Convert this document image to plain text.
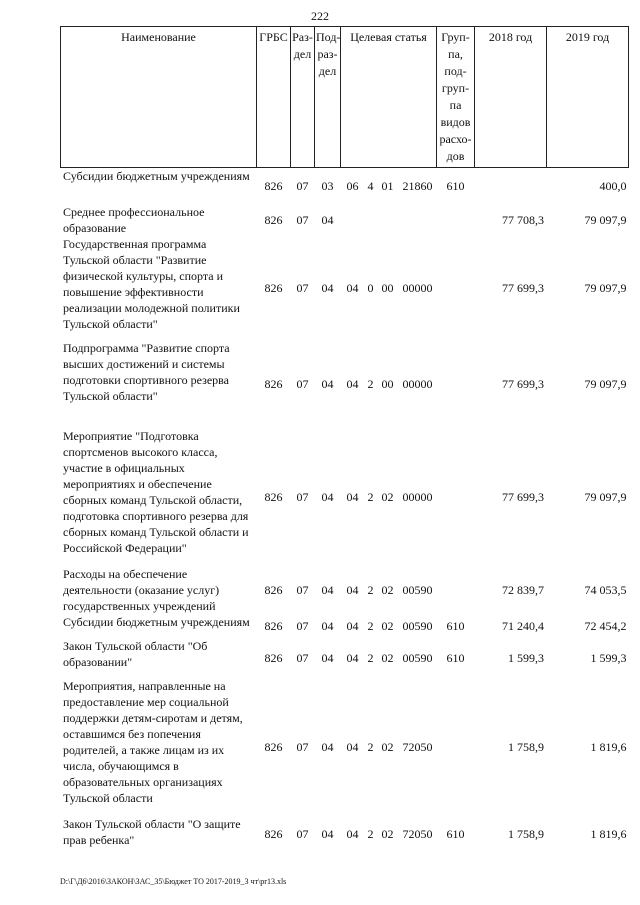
222
Наименование	ГРБС	Раз-дел	Под-раз-дел	Целевая статья				Груп-па, под-груп-па видов расхо-дов	2018 год	2019 год
Субсидии бюджетным учреждениям	826	07	03	06	4	01	21860	610		400,0
Среднее профессиональное образование	826	07	04						77 708,3	79 097,9
Государственная программа Тульской области "Развитие физической культуры, спорта и повышение эффективности реализации молодежной политики Тульской области"	826	07	04	04	0	00	00000		77 699,3	79 097,9
Подпрограмма "Развитие спорта высших достижений и системы подготовки спортивного резерва Тульской области"	826	07	04	04	2	00	00000		77 699,3	79 097,9
Мероприятие "Подготовка спортсменов высокого класса, участие в официальных мероприятиях и обеспечение сборных команд Тульской области, подготовка спортивного резерва для сборных команд Тульской области и Российской Федерации"	826	07	04	04	2	02	00000		77 699,3	79 097,9
Расходы на обеспечение деятельности (оказание услуг) государственных учреждений	826	07	04	04	2	02	00590		72 839,7	74 053,5
Субсидии бюджетным учреждениям	826	07	04	04	2	02	00590	610	71 240,4	72 454,2
Закон Тульской области "Об образовании"	826	07	04	04	2	02	00590	610	1 599,3	1 599,3
Мероприятия, направленные на предоставление мер социальной поддержки детям-сиротам и детям, оставшимся без попечения родителей, а также лицам из их числа, обучающимся в образовательных организациях Тульской области	826	07	04	04	2	02	72050		1 758,9	1 819,6
Закон Тульской области "О защите прав ребенка"	826	07	04	04	2	02	72050	610	1 758,9	1 819,6
D:\Г\Д6\2016\ЗАКОН\ЗАС_35\Бюджет ТО 2017-2019_3 чт\pr13.xls
